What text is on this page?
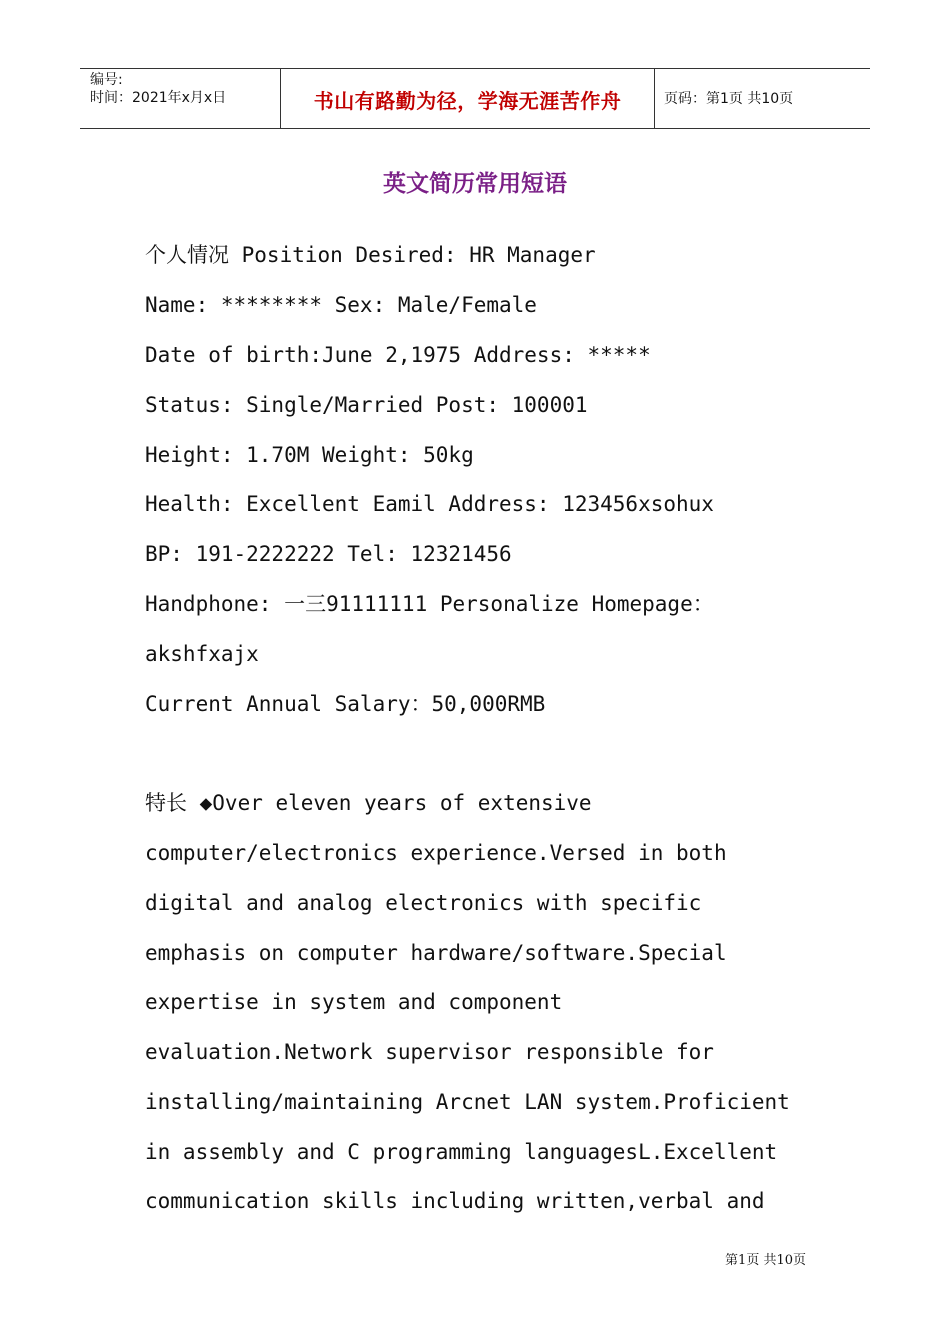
编号:
时间：2021年x月x日	书山有路勤为径，学海无涯苦作舟	页码：第1页 共10页
英文简历常用短语
个人情况 Position Desired: HR Manager
Name: ******** Sex: Male/Female
Date of birth:June 2,1975 Address: *****
Status: Single/Married Post: 100001
Height: 1.70M Weight: 50kg
Health: Excellent Eamil Address: 123456xsohux
BP: 191-2222222 Tel: 12321456
Handphone: 一三91111111 Personalize Homepage：
akshfxajx
Current Annual Salary：50,000RMB
特长 ◆Over eleven years of extensive
computer/electronics experience.Versed in both
digital and analog electronics with specific
emphasis on computer hardware/software.Special
expertise in system and component
evaluation.Network supervisor responsible for
installing/maintaining Arcnet LAN system.Proficient
in assembly and C programming languagesL.Excellent
communication skills including written,verbal and
第1页 共10页
